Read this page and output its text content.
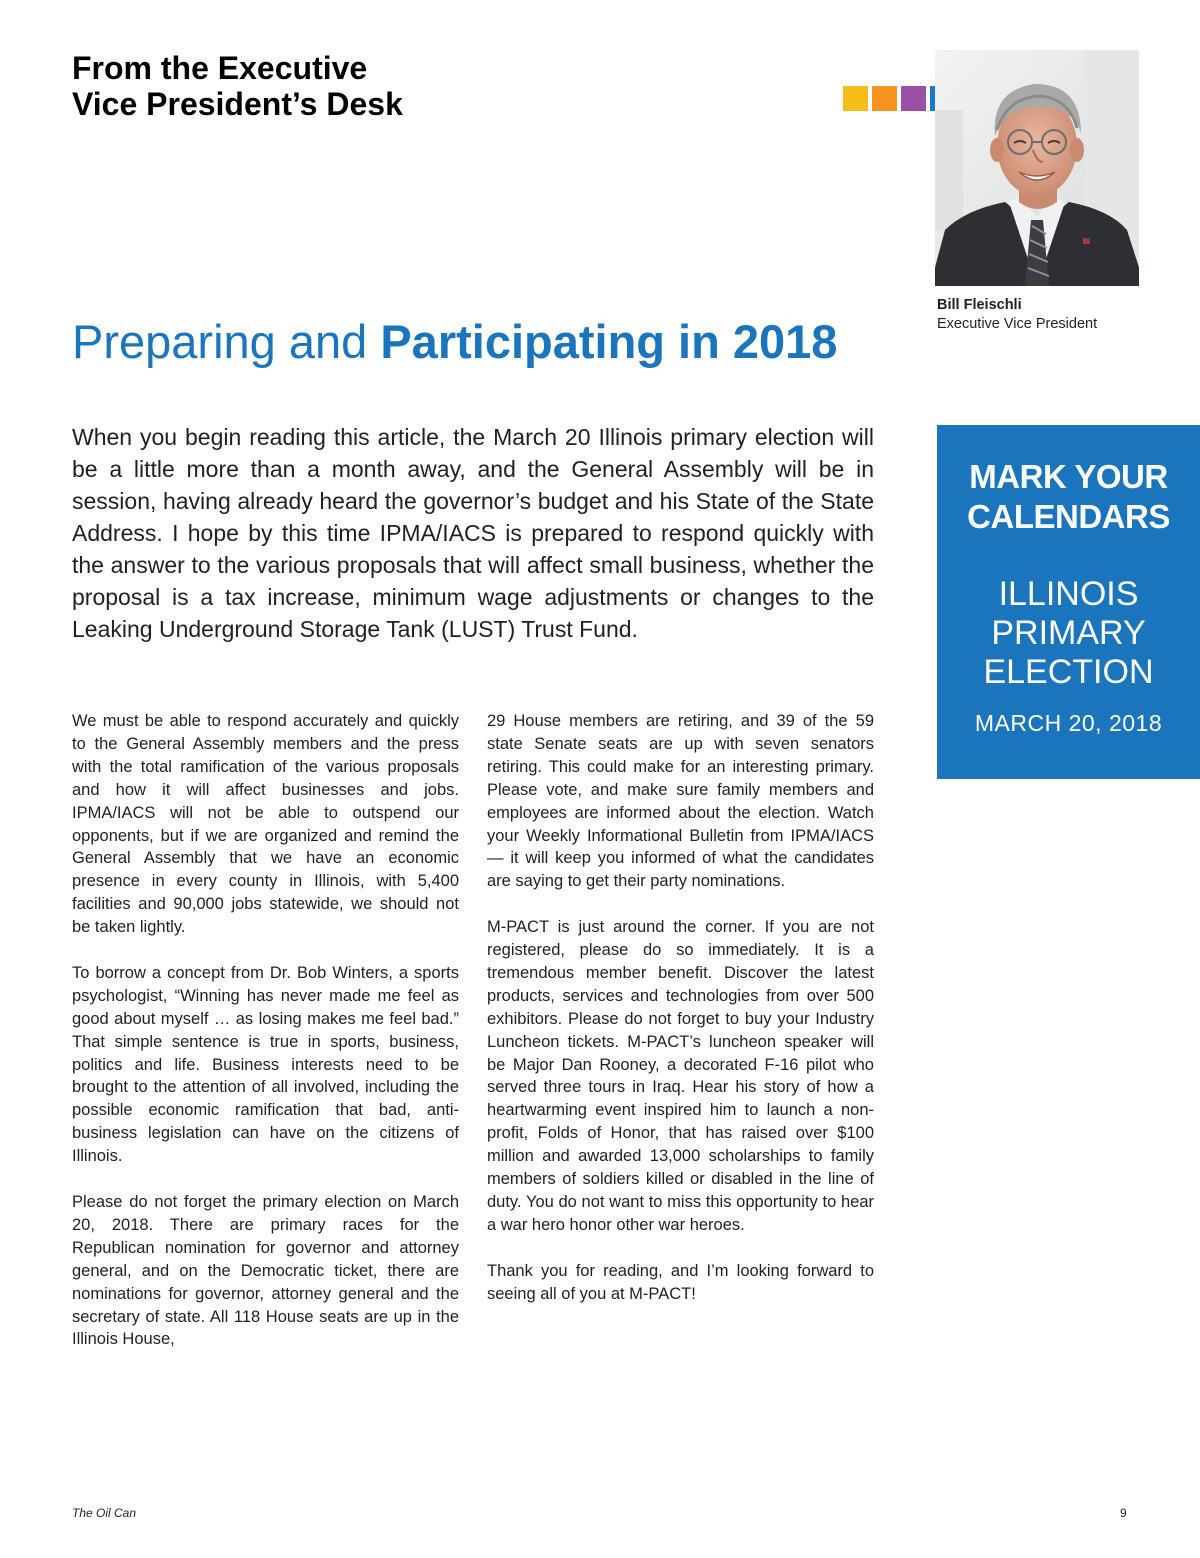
From the Executive
Vice President’s Desk
Bill Fleischli
Executive Vice President
Preparing and Participating in 2018

When you begin reading this article, the March 20 Illinois primary election will be a little more than a month away, and the General Assembly will be in session, having already heard the governor’s budget and his State of the State Address. I hope by this time IPMA/IACS is prepared to respond quickly with the answer to the various proposals that will affect small business, whether the proposal is a tax increase, minimum wage adjustments or changes to the Leaking Underground Storage Tank (LUST) Trust Fund.

We must be able to respond accurately and quickly to the General Assembly members and the press with the total ramification of the various proposals and how it will affect businesses and jobs. IPMA/IACS will not be able to outspend our opponents, but if we are organized and remind the General Assembly that we have an economic presence in every county in Illinois, with 5,400 facilities and 90,000 jobs statewide, we should not be taken lightly.

To borrow a concept from Dr. Bob Winters, a sports psychologist, “Winning has never made me feel as good about myself … as losing makes me feel bad.” That simple sentence is true in sports, business, politics and life. Business interests need to be brought to the attention of all involved, including the possible economic ramification that bad, anti-business legislation can have on the citizens of Illinois.

Please do not forget the primary election on March 20, 2018. There are primary races for the Republican nomination for governor and attorney general, and on the Democratic ticket, there are nominations for governor, attorney general and the secretary of state. All 118 House seats are up in the Illinois House,

29 House members are retiring, and 39 of the 59 state Senate seats are up with seven senators retiring. This could make for an interesting primary. Please vote, and make sure family members and employees are informed about the election. Watch your Weekly Informational Bulletin from IPMA/IACS — it will keep you informed of what the candidates are saying to get their party nominations.

M-PACT is just around the corner. If you are not registered, please do so immediately. It is a tremendous member benefit. Discover the latest products, services and technologies from over 500 exhibitors. Please do not forget to buy your Industry Luncheon tickets. M-PACT’s luncheon speaker will be Major Dan Rooney, a decorated F-16 pilot who served three tours in Iraq. Hear his story of how a heartwarming event inspired him to launch a non-profit, Folds of Honor, that has raised over $100 million and awarded 13,000 scholarships to family members of soldiers killed or disabled in the line of duty. You do not want to miss this opportunity to hear a war hero honor other war heroes.

Thank you for reading, and I’m looking forward to seeing all of you at M-PACT!

MARK YOUR
CALENDARS
ILLINOIS PRIMARY ELECTION
MARCH 20, 2018
The Oil Can	9
